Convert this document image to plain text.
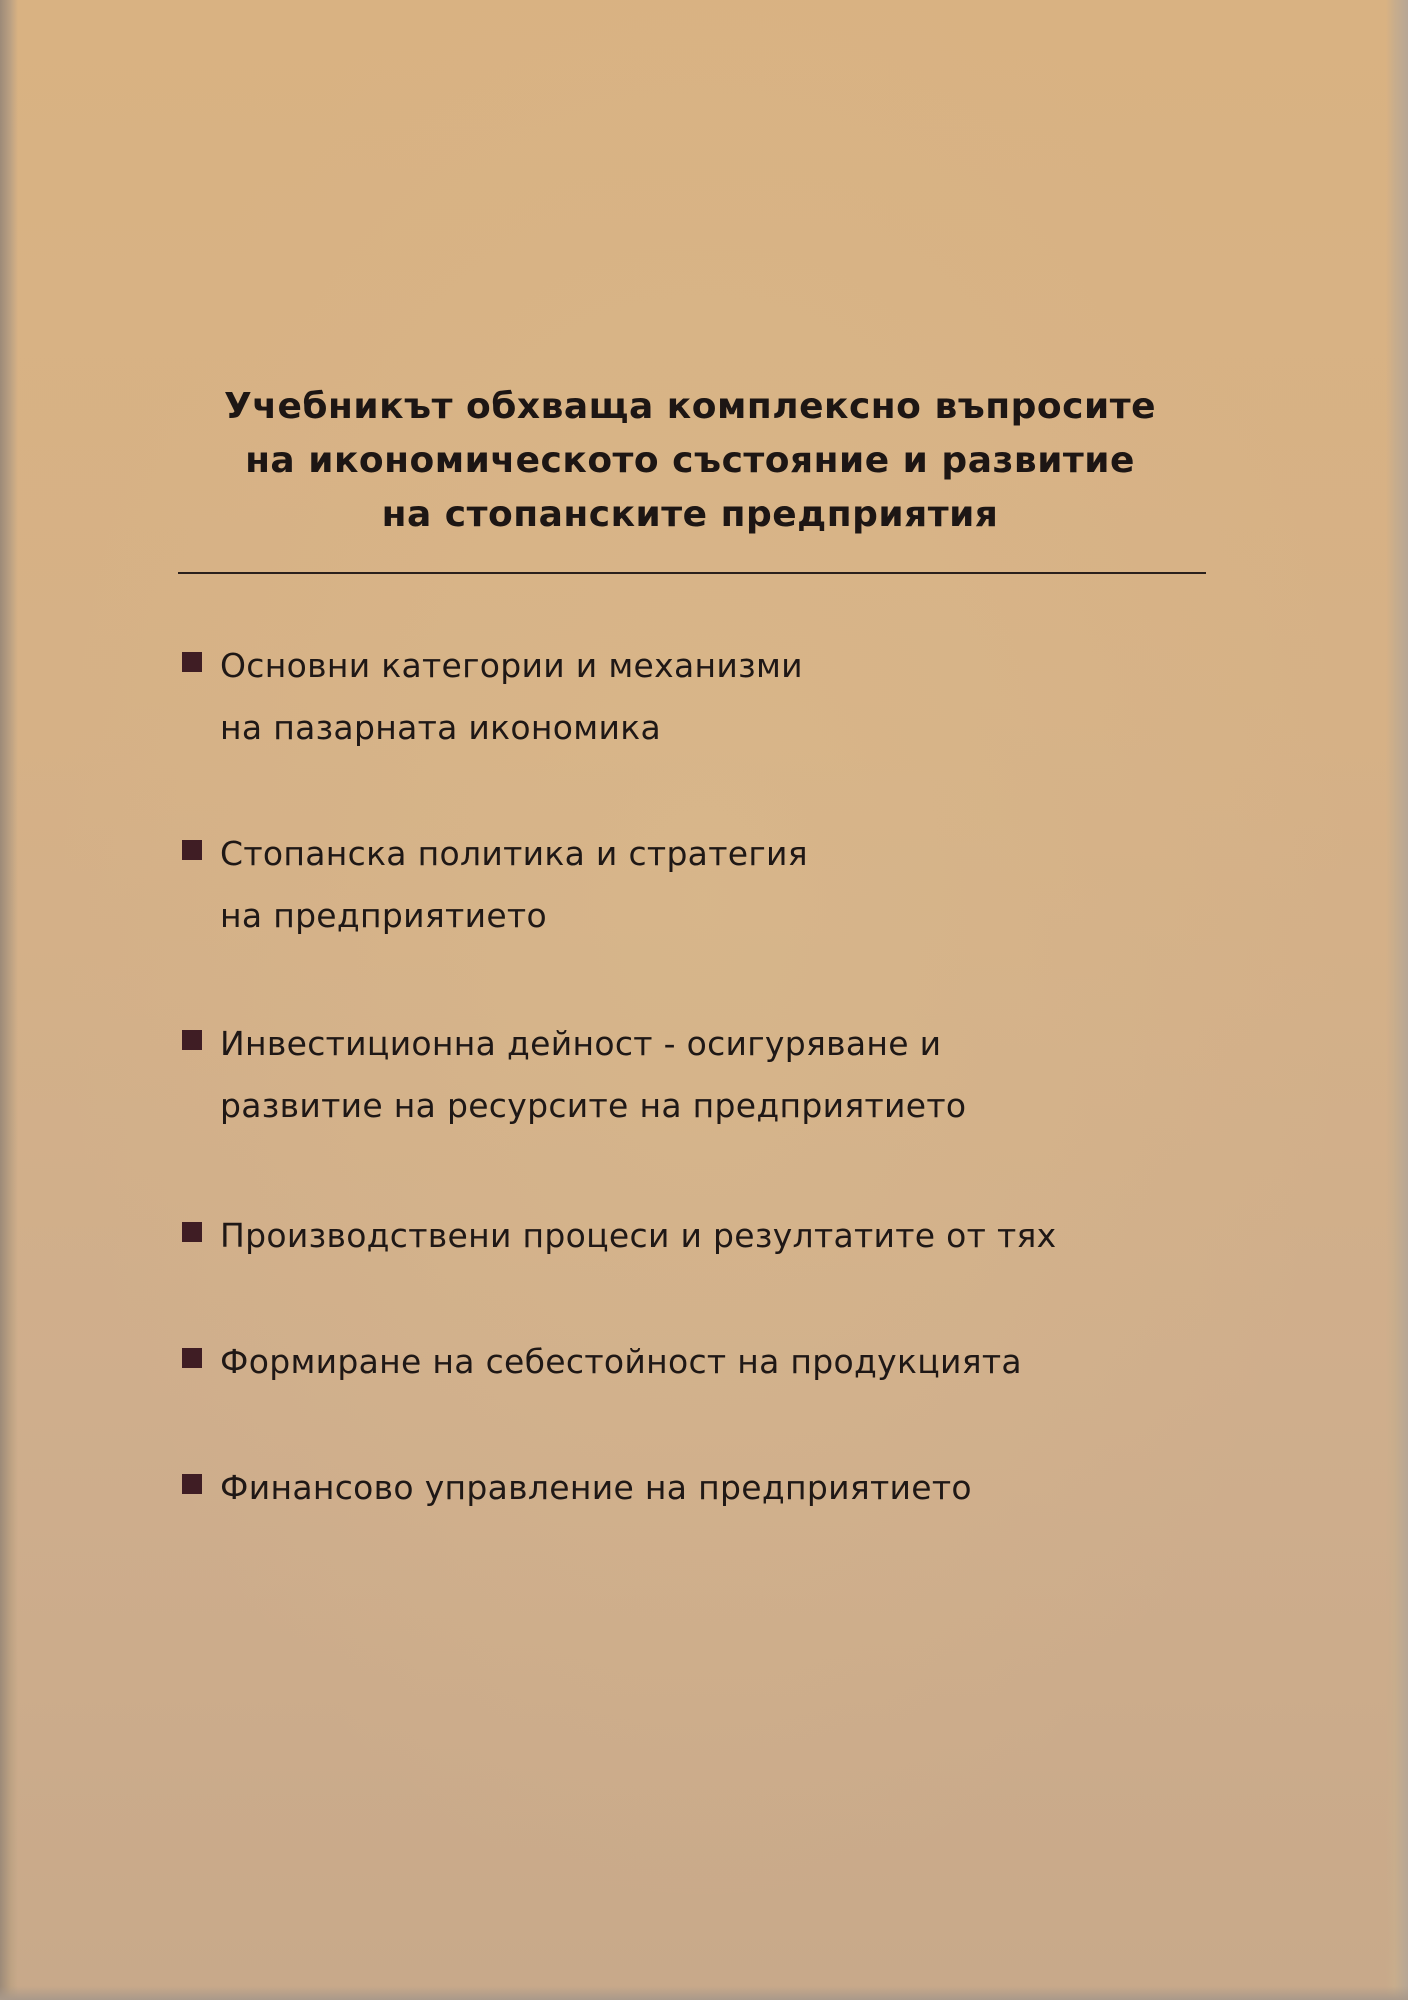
Учебникът обхваща комплексно въпросите
на икономическото състояние и развитие
на стопанските предприятия
Основни категории и механизми
на пазарната икономика
Стопанска политика и стратегия
на предприятието
Инвестиционна дейност - осигуряване и
развитие на ресурсите на предприятието
Производствени процеси и резултатите от тях
Формиране на себестойност на продукцията
Финансово управление на предприятието
